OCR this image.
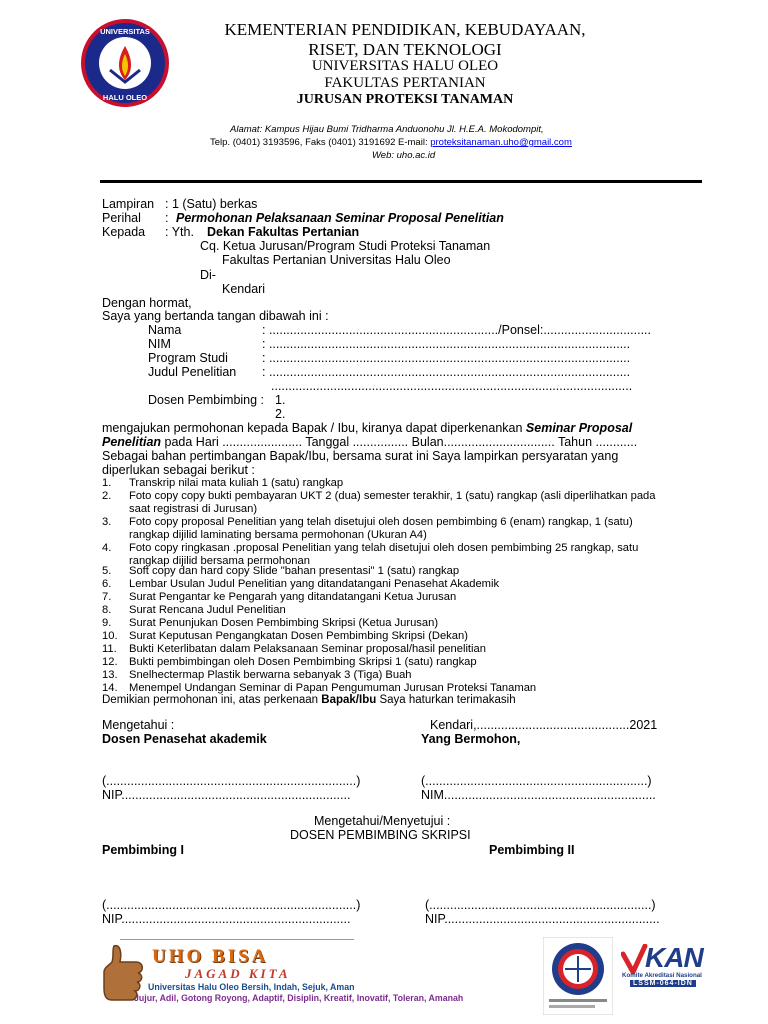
UNIVERSITAS
HALU OLEO
KEMENTERIAN PENDIDIKAN, KEBUDAYAAN,
RISET, DAN TEKNOLOGI
UNIVERSITAS HALU OLEO
FAKULTAS PERTANIAN
JURUSAN PROTEKSI TANAMAN
Alamat: Kampus Hijau Bumi Tridharma Anduonohu Jl. H.E.A. Mokodompit,
Telp. (0401) 3193596, Faks (0401) 3191692 E-mail: proteksitanaman.uho@gmail.com
Web: uho.ac.id
Lampiran : 1 (Satu) berkas
Perihal : Permohonan Pelaksanaan Seminar Proposal Penelitian
Kepada : Yth. Dekan Fakultas Pertanian
Cq. Ketua Jurusan/Program Studi Proteksi Tanaman
Fakultas Pertanian Universitas Halu Oleo
Di-
Kendari
Dengan hormat,
Saya yang bertanda tangan dibawah ini :
Nama	: ................................................................../Ponsel:...............................
NIM	: ........................................................................................................
Program Studi	: ........................................................................................................
Judul Penelitian : ........................................................................................................
........................................................................................................
Dosen Pembimbing : 1.
2.
mengajukan permohonan kepada Bapak / Ibu, kiranya dapat diperkenankan Seminar Proposal
Penelitian pada Hari ....................... Tanggal ................ Bulan................................ Tahun ............
Sebagai bahan pertimbangan Bapak/Ibu, bersama surat ini Saya lampirkan persyaratan yang
diperlukan sebagai berikut :
1. Transkrip nilai mata kuliah 1 (satu) rangkap
2. Foto copy copy bukti pembayaran UKT 2 (dua) semester terakhir, 1 (satu) rangkap (asli diperlihatkan pada saat registrasi di Jurusan)
3. Foto copy proposal Penelitian yang telah disetujui oleh dosen pembimbing 6 (enam) rangkap, 1 (satu) rangkap dijilid laminating bersama permohonan (Ukuran A4)
4. Foto copy ringkasan .proposal Penelitian yang telah disetujui oleh dosen pembimbing 25 rangkap, satu rangkap dijilid bersama permohonan
5. Soft copy dan hard copy Slide "bahan presentasi" 1 (satu) rangkap
6. Lembar Usulan Judul Penelitian yang ditandatangani Penasehat Akademik
7. Surat Pengantar ke Pengarah yang ditandatangani Ketua Jurusan
8. Surat Rencana Judul Penelitian
9. Surat Penunjukan Dosen Pembimbing Skripsi (Ketua Jurusan)
10. Surat Keputusan Pengangkatan Dosen Pembimbing Skripsi (Dekan)
11. Bukti Keterlibatan dalam Pelaksanaan Seminar proposal/hasil penelitian
12. Bukti pembimbingan oleh Dosen Pembimbing Skripsi 1 (satu) rangkap
13. Snelhectermap Plastik berwarna sebanyak 3 (Tiga) Buah
14. Menempel Undangan Seminar di Papan Pengumuman Jurusan Proteksi Tanaman
Demikian permohonan ini, atas perkenaan Bapak/Ibu Saya haturkan terimakasih
Mengetahui :	Kendari,............................................2021
Dosen Penasehat akademik	Yang Bermohon,
(........................................................................)	(................................................................)
NIP..................................................................	NIM.............................................................
Mengetahui/Menyetujui :
DOSEN PEMBIMBING SKRIPSI
Pembimbing I	Pembimbing II
(........................................................................)	(................................................................)
NIP..................................................................	NIP..............................................................
UHO BISA
JAGAD KITA
Universitas Halu Oleo Bersih, Indah, Sejuk, Aman
Jujur, Adil, Gotong Royong, Adaptif, Disiplin, Kreatif, Inovatif, Toleran, Amanah
KAN
Komite Akreditasi Nasional
LSSM-064-IDN
